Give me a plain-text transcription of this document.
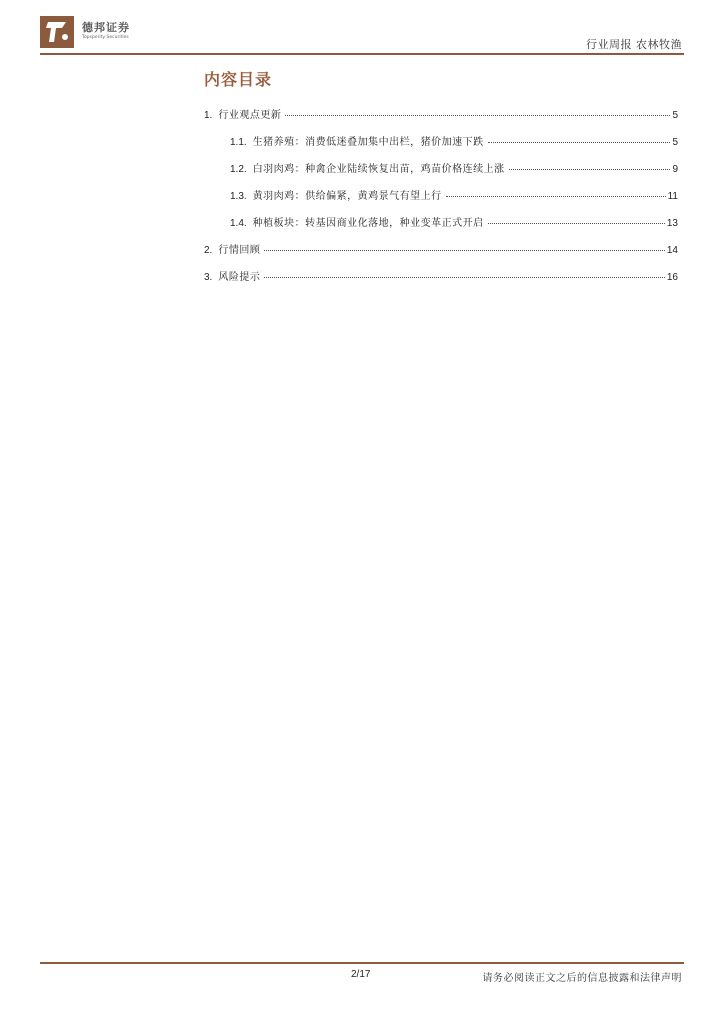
德邦证券
Topsperity Securities
行业周报 农林牧渔
内容目录
1. 行业观点更新	5
1.1. 生猪养殖：消费低迷叠加集中出栏，猪价加速下跌	5
1.2. 白羽肉鸡：种禽企业陆续恢复出苗，鸡苗价格连续上涨	9
1.3. 黄羽肉鸡：供给偏紧，黄鸡景气有望上行	11
1.4. 种植板块：转基因商业化落地，种业变革正式开启	13
2. 行情回顾	14
3. 风险提示	16
2/17	请务必阅读正文之后的信息披露和法律声明
